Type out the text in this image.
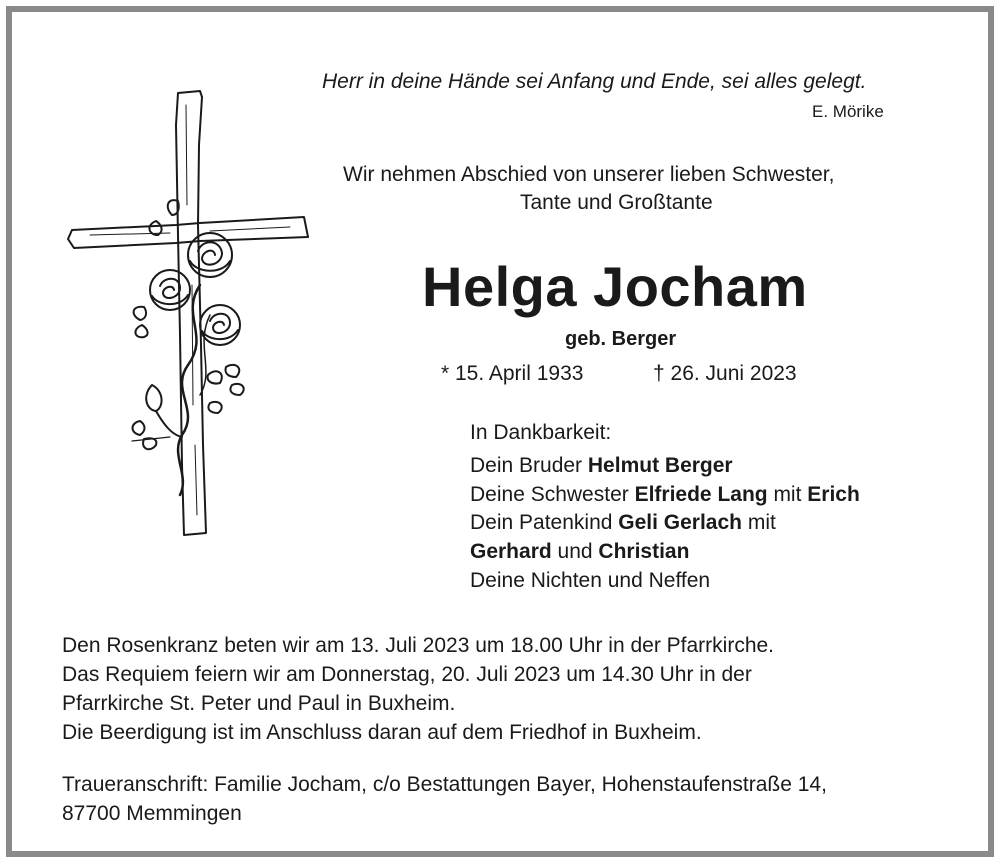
Herr in deine Hände sei Anfang und Ende, sei alles gelegt.
E. Mörike
Wir nehmen Abschied von unserer lieben Schwester,
Tante und Großtante
Helga Jocham
geb. Berger
* 15. April 1933	† 26. Juni 2023
In Dankbarkeit:
Dein Bruder Helmut Berger
Deine Schwester Elfriede Lang mit Erich
Dein Patenkind Geli Gerlach mit
Gerhard und Christian
Deine Nichten und Neffen
Den Rosenkranz beten wir am 13. Juli 2023 um 18.00 Uhr in der Pfarrkirche.
Das Requiem feiern wir am Donnerstag, 20. Juli 2023 um 14.30 Uhr in der
Pfarrkirche St. Peter und Paul in Buxheim.
Die Beerdigung ist im Anschluss daran auf dem Friedhof in Buxheim.
Traueranschrift: Familie Jocham, c/o Bestattungen Bayer, Hohenstaufenstraße 14,
87700 Memmingen
